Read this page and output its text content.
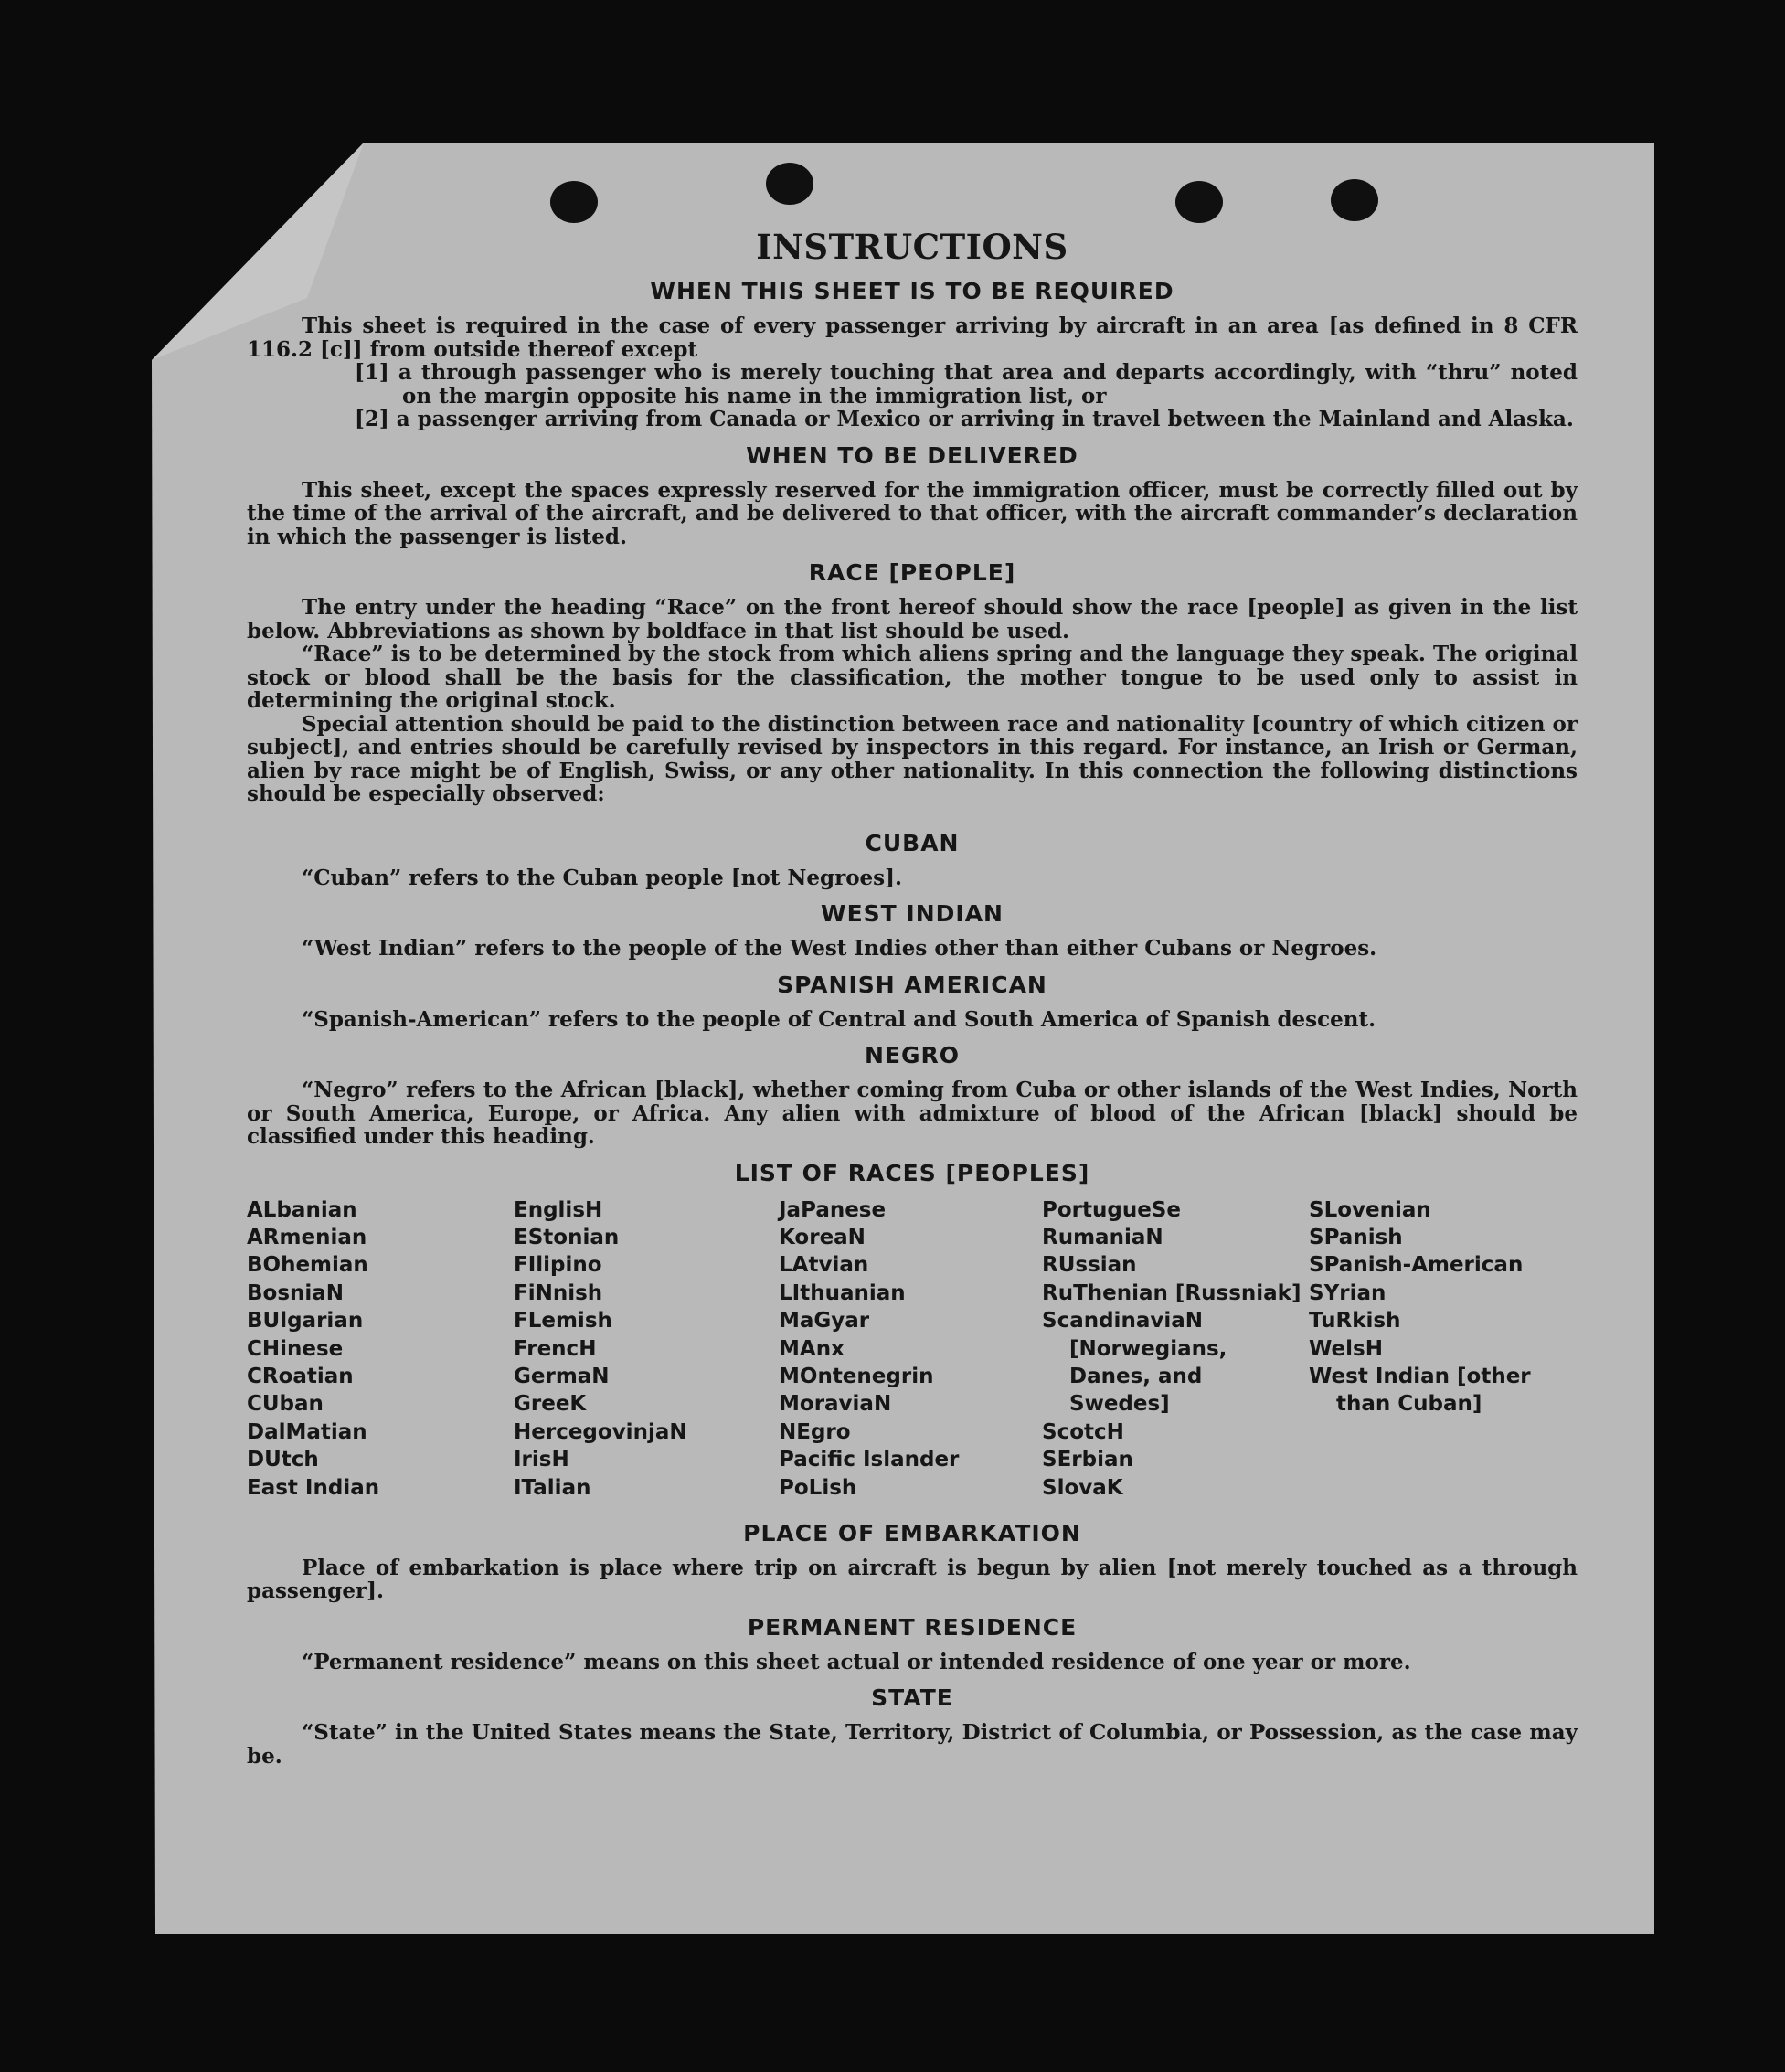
INSTRUCTIONS
WHEN THIS SHEET IS TO BE REQUIRED

This sheet is required in the case of every passenger arriving by aircraft in an area [as defined in 8 CFR 116.2 [c]] from outside thereof except

[1] a through passenger who is merely touching that area and departs accordingly, with “thru” noted on the margin opposite his name in the immigration list, or

[2] a passenger arriving from Canada or Mexico or arriving in travel between the Mainland and Alaska.

WHEN TO BE DELIVERED

This sheet, except the spaces expressly reserved for the immigration officer, must be correctly filled out by the time of the arrival of the aircraft, and be delivered to that officer, with the aircraft commander’s declaration in which the passenger is listed.

RACE [PEOPLE]

The entry under the heading “Race” on the front hereof should show the race [people] as given in the list below. Abbreviations as shown by boldface in that list should be used.

“Race” is to be determined by the stock from which aliens spring and the language they speak. The original stock or blood shall be the basis for the classification, the mother tongue to be used only to assist in determining the original stock.

Special attention should be paid to the distinction between race and nationality [country of which citizen or subject], and entries should be carefully revised by inspectors in this regard. For instance, an Irish or German, alien by race might be of English, Swiss, or any other nationality. In this connection the following distinctions should be especially observed:

CUBAN

“Cuban” refers to the Cuban people [not Negroes].

WEST INDIAN

“West Indian” refers to the people of the West Indies other than either Cubans or Negroes.

SPANISH AMERICAN

“Spanish-American” refers to the people of Central and South America of Spanish descent.

NEGRO

“Negro” refers to the African [black], whether coming from Cuba or other islands of the West Indies, North or South America, Europe, or Africa. Any alien with admixture of blood of the African [black] should be classified under this heading.

LIST OF RACES [PEOPLES]
ALbanian
ARmenian
BOhemian
BosniaN
BUlgarian
CHinese
CRoatian
CUban
DalMatian
DUtch
East Indian
EnglisH
EStonian
FIlipino
FiNnish
FLemish
FrencH
GermaN
GreeK
HercegovinjaN
IrisH
ITalian
JaPanese
KoreaN
LAtvian
LIthuanian
MaGyar
MAnx
MOntenegrin
MoraviaN
NEgro
Pacific Islander
PoLish
PortugueSe
RumaniaN
RUssian
RuThenian [Russniak]
ScandinaviaN [Norwegians, Danes, and Swedes]
ScotcH
SErbian
SlovaK
SLovenian
SPanish
SPanish-American
SYrian
TuRkish
WelsH
West Indian [other than Cuban]
PLACE OF EMBARKATION

Place of embarkation is place where trip on aircraft is begun by alien [not merely touched as a through passenger].

PERMANENT RESIDENCE

“Permanent residence” means on this sheet actual or intended residence of one year or more.

STATE

“State” in the United States means the State, Territory, District of Columbia, or Possession, as the case may be.
